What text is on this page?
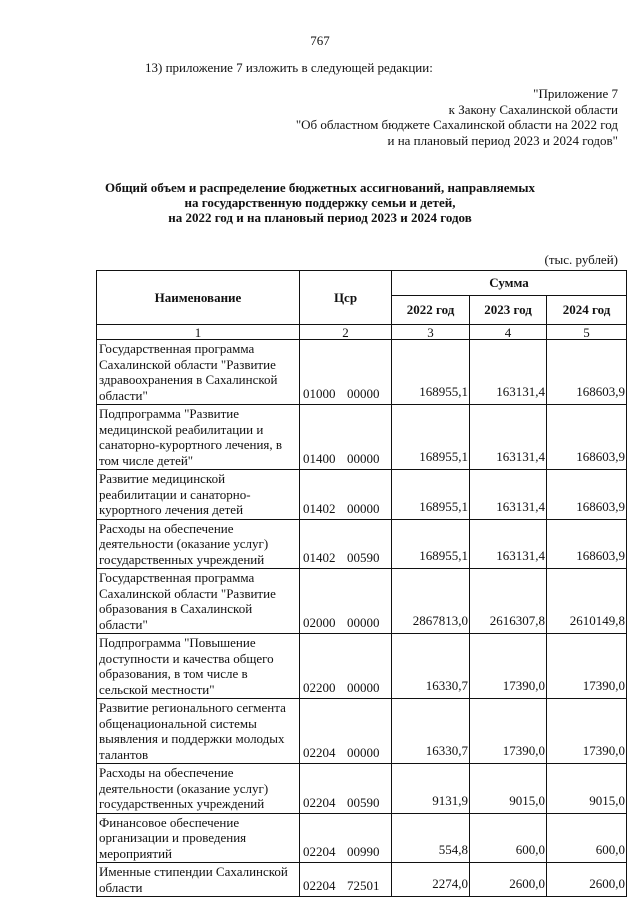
767
13) приложение 7 изложить в следующей редакции:
"Приложение 7
к Закону Сахалинской области
"Об областном бюджете Сахалинской области на 2022 год
и на плановый период 2023 и 2024 годов"
Общий объем и распределение бюджетных ассигнований, направляемых
на государственную поддержку семьи и детей,
на 2022 год и на плановый период 2023 и 2024 годов
(тыс. рублей)
Наименование	Цср	Сумма		
		2022 год	2023 год	2024 год
1	2	3	4	5
Государственная программа Сахалинской области "Развитие здравоохранения в Сахалинской области"	01000 00000	168955,1	163131,4	168603,9
Подпрограмма "Развитие медицинской реабилитации и санаторно-курортного лечения, в том числе детей"	01400 00000	168955,1	163131,4	168603,9
Развитие медицинской реабилитации и санаторно-курортного лечения детей	01402 00000	168955,1	163131,4	168603,9
Расходы на обеспечение деятельности (оказание услуг) государственных учреждений	01402 00590	168955,1	163131,4	168603,9
Государственная программа Сахалинской области "Развитие образования в Сахалинской области"	02000 00000	2867813,0	2616307,8	2610149,8
Подпрограмма "Повышение доступности и качества общего образования, в том числе в сельской местности"	02200 00000	16330,7	17390,0	17390,0
Развитие регионального сегмента общенациональной системы выявления и поддержки молодых талантов	02204 00000	16330,7	17390,0	17390,0
Расходы на обеспечение деятельности (оказание услуг) государственных учреждений	02204 00590	9131,9	9015,0	9015,0
Финансовое обеспечение организации и проведения мероприятий	02204 00990	554,8	600,0	600,0
Именные стипендии Сахалинской области	02204 72501	2274,0	2600,0	2600,0
